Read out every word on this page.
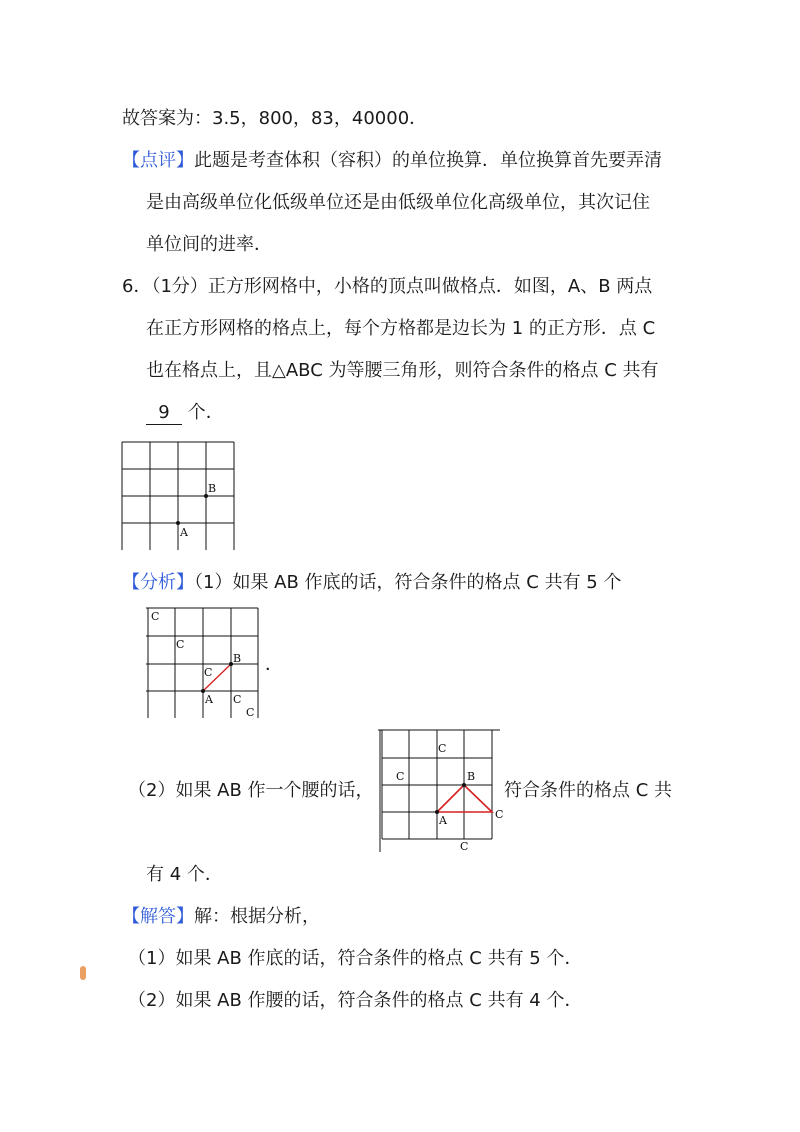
故答案为：3.5，800，83，40000．
【点评】此题是考查体积（容积）的单位换算．单位换算首先要弄清
是由高级单位化低级单位还是由低级单位化高级单位，其次记住
单位间的进率．
6．（1分）正方形网格中，小格的顶点叫做格点．如图，A、B 两点
在正方形网格的格点上，每个方格都是边长为 1 的正方形．点 C
也在格点上，且△ABC 为等腰三角形，则符合条件的格点 C 共有
9 个．
B
A
【分析】（1）如果 AB 作底的话，符合条件的格点 C 共有 5 个
C
C
C
B
A C
C
．
（2）如果 AB 作一个腰的话，
C
C	B
A	C
C
符合条件的格点 C 共
有 4 个．
【解答】解：根据分析，
（1）如果 AB 作底的话，符合条件的格点 C 共有 5 个．
（2）如果 AB 作腰的话，符合条件的格点 C 共有 4 个．
